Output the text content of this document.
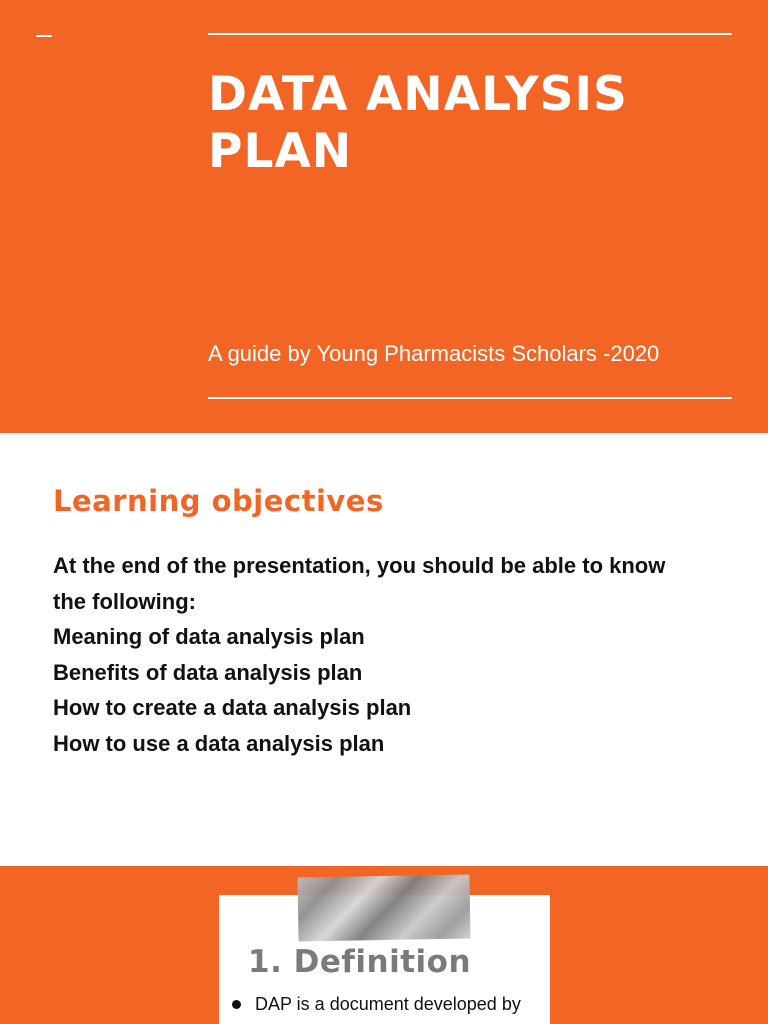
DATA ANALYSIS
PLAN

A guide by Young Pharmacists Scholars -2020

Learning objectives
At the end of the presentation, you should be able to know
the following:
Meaning of data analysis plan
Benefits of data analysis plan
How to create a data analysis plan
How to use a data analysis plan
1. Definition

DAP is a document developed by
